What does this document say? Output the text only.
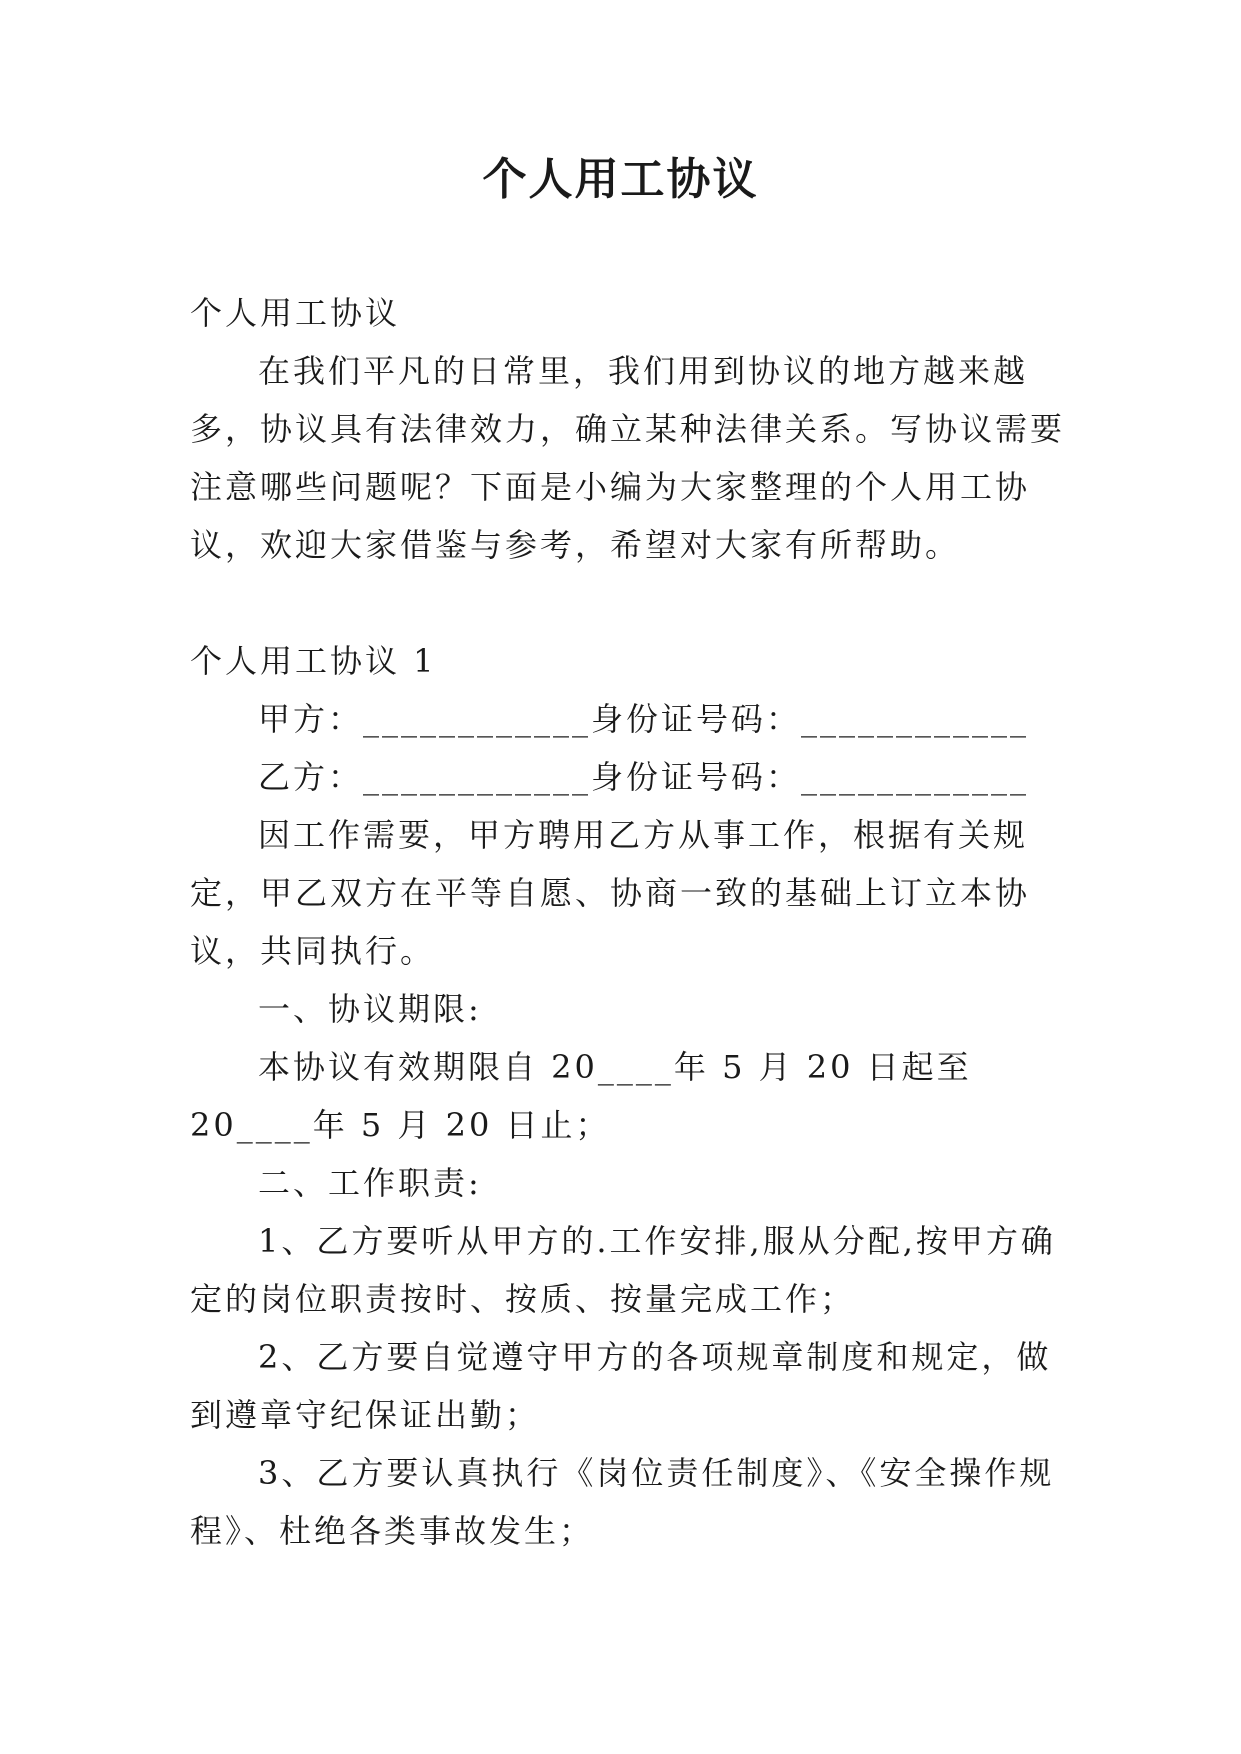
个人用工协议

个人用工协议

在我们平凡的日常里，我们用到协议的地方越来越多，协议具有法律效力，确立某种法律关系。写协议需要注意哪些问题呢？下面是小编为大家整理的个人用工协议，欢迎大家借鉴与参考，希望对大家有所帮助。

个人用工协议 1

甲方：____________身份证号码：____________

乙方：____________身份证号码：____________

因工作需要，甲方聘用乙方从事工作，根据有关规定，甲乙双方在平等自愿、协商一致的基础上订立本协议，共同执行。

一、协议期限:

本协议有效期限自 20____年 5 月 20 日起至 20____年 5 月 20 日止；

二、工作职责:

1、乙方要听从甲方的.工作安排,服从分配,按甲方确定的岗位职责按时、按质、按量完成工作；

2、乙方要自觉遵守甲方的各项规章制度和规定，做到遵章守纪保证出勤；

3、乙方要认真执行《岗位责任制度》、《安全操作规程》、杜绝各类事故发生；
